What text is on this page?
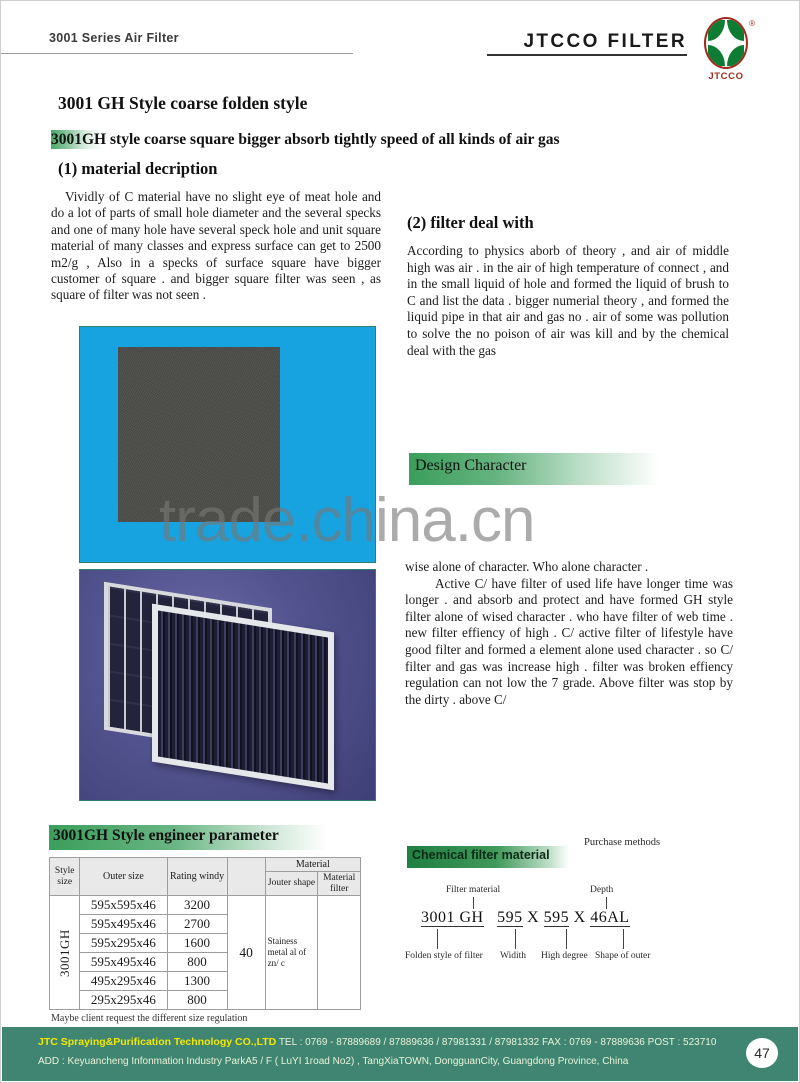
3001 Series Air Filter	JTCCO FILTER
®
JTCCO
3001 GH Style coarse folden style
3001GH style coarse square bigger absorb tightly speed of all kinds of air gas
(1) material decription
Vividly of C material have no slight eye of meat hole and do a lot of parts of small hole diameter and the several specks and one of many hole have several speck hole and unit square material of many classes and express surface can get to 2500 m2/g , Also in a specks of surface square have bigger customer of square . and bigger square filter was seen , as square of filter was not seen .
(2) filter deal with
According to physics aborb of theory , and air of middle high was air . in the air of high temperature of connect , and in the small liquid of hole and formed the liquid of brush to C and list the data . bigger numerial theory , and formed the liquid pipe in that air and gas no . air of some was pollution to solve the no poison of air was kill and by the chemical deal with the gas
Design Character
trade.china.cn
wise alone of character. Who alone character .
Active C/ have filter of used life have longer time was longer . and absorb and protect and have formed GH style filter alone of wised character . who have filter of web time . new filter effiency of high . C/ active filter of lifestyle have good filter and formed a element alone used character . so C/ filter and gas was increase high . filter was broken effiency regulation can not low the 7 grade. Above filter was stop by the dirty . above C/
3001GH Style engineer parameter
Style size	Outer size	Rating windy		Material	
				Jouter shape	Material filter
3001GH	595x595x46	3200	40	Stainess metal al of zn/ c	
	595x495x46	2700			
	595x295x46	1600			
	595x495x46	800			
	495x295x46	1300			
	295x295x46	800			
Maybe client request the different size regulation
Chemical filter material
Purchase methods
Filter material	Depth
3001 GH 595 X 595 X 46AL
Folden style of filter Widith High degree Shape of outer
JTC Spraying&Purification Technology CO.,LTD TEL : 0769 - 87889689 / 87889636 / 87981331 / 87981332 FAX : 0769 - 87889636 POST : 523710
ADD : Keyuancheng Infonmation Industry ParkA5 / F ( LuYI 1road No2) , TangXiaTOWN, DongguanCity, Guangdong Province, China
47
